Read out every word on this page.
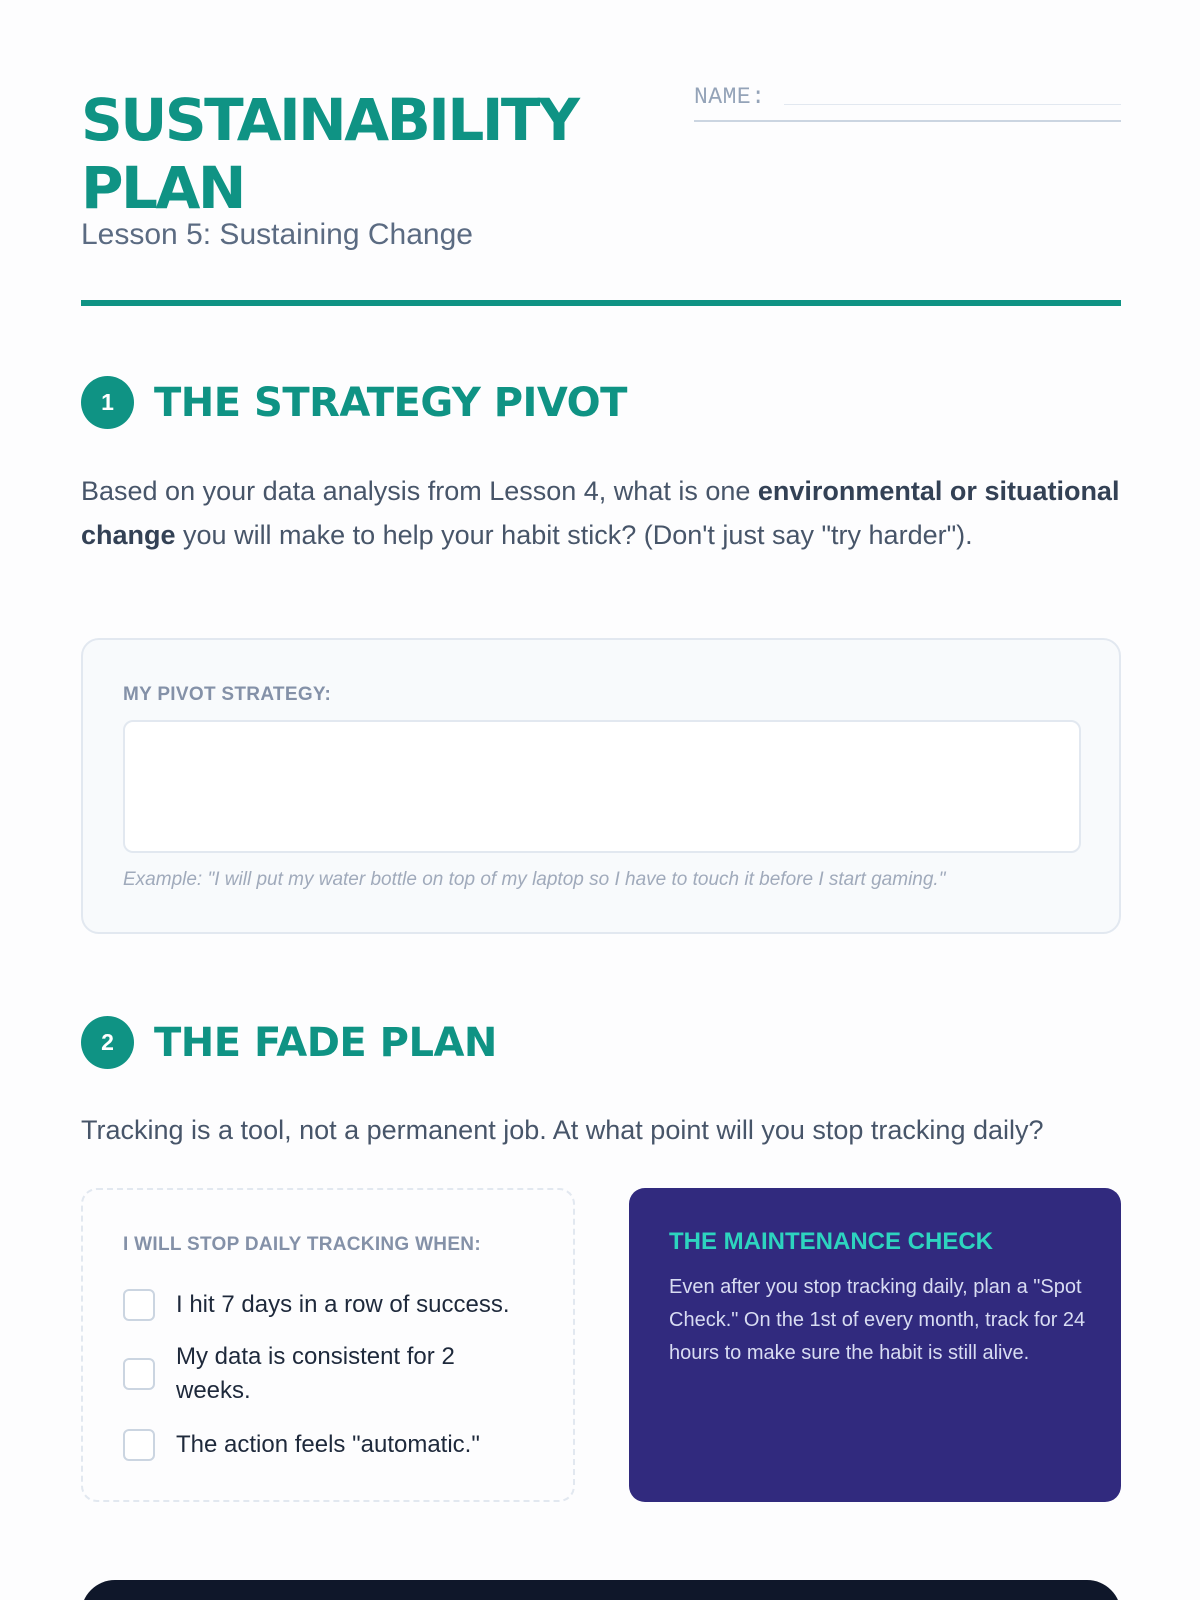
SUSTAINABILITY
PLAN
Lesson 5: Sustaining Change
NAME:
1	THE STRATEGY PIVOT

Based on your data analysis from Lesson 4, what is one environmental or situational change you will make to help your habit stick? (Don't just say "try harder").

MY PIVOT STRATEGY:
Example: "I will put my water bottle on top of my laptop so I have to touch it before I start gaming."
2	THE FADE PLAN

Tracking is a tool, not a permanent job. At what point will you stop tracking daily?

I WILL STOP DAILY TRACKING WHEN:
I hit 7 days in a row of success.
My data is consistent for 2 weeks.
The action feels "automatic."
THE MAINTENANCE CHECK

Even after you stop tracking daily, plan a "Spot Check." On the 1st of every month, track for 24 hours to make sure the habit is still alive.
